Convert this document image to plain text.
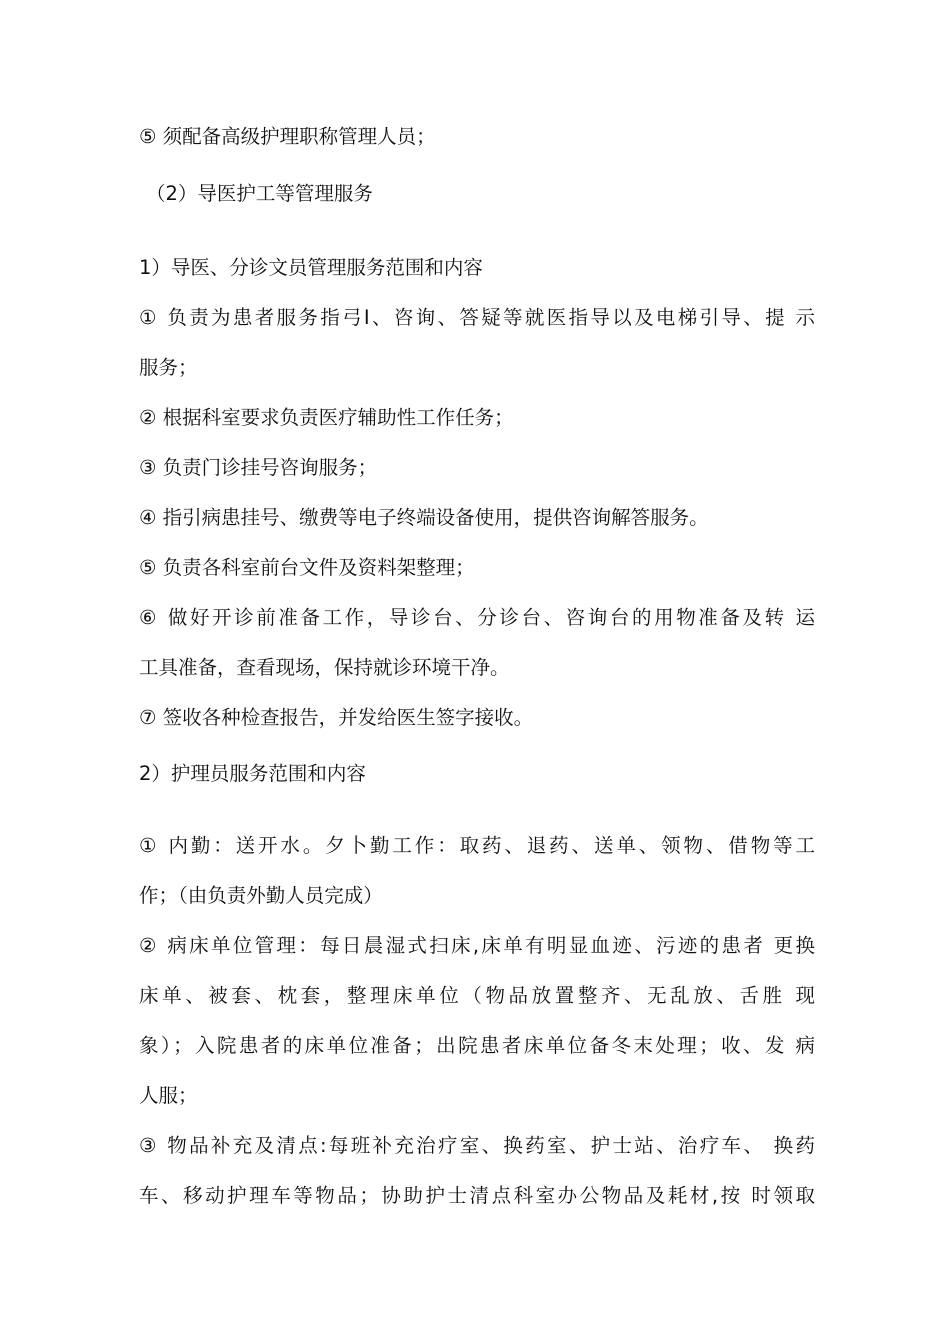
⑤ 须配备高级护理职称管理人员；
（2）导医护工等管理服务
1）导医、分诊文员管理服务范围和内容
① 负责为患者服务指弓I、咨询、答疑等就医指导以及电梯引导、提 示
服务；
② 根据科室要求负责医疗辅助性工作任务；
③ 负责门诊挂号咨询服务；
④ 指引病患挂号、缴费等电子终端设备使用，提供咨询解答服务。
⑤ 负责各科室前台文件及资料架整理；
⑥ 做好开诊前准备工作，导诊台、分诊台、咨询台的用物准备及转 运
工具准备，查看现场，保持就诊环境干净。
⑦ 签收各种检查报告，并发给医生签字接收。
2）护理员服务范围和内容
① 内勤：送开水。夕卜勤工作：取药、退药、送单、领物、借物等工
作；（由负责外勤人员完成）
② 病床单位管理：每日晨湿式扫床,床单有明显血迹、污迹的患者 更换
床单、被套、枕套，整理床单位（物品放置整齐、无乱放、舌胜 现
象）；入院患者的床单位准备；出院患者床单位备冬末处理；收、发 病
人服；
③ 物品补充及清点:每班补充治疗室、换药室、护士站、治疗车、 换药
车、移动护理车等物品；协助护士清点科室办公物品及耗材,按 时领取
